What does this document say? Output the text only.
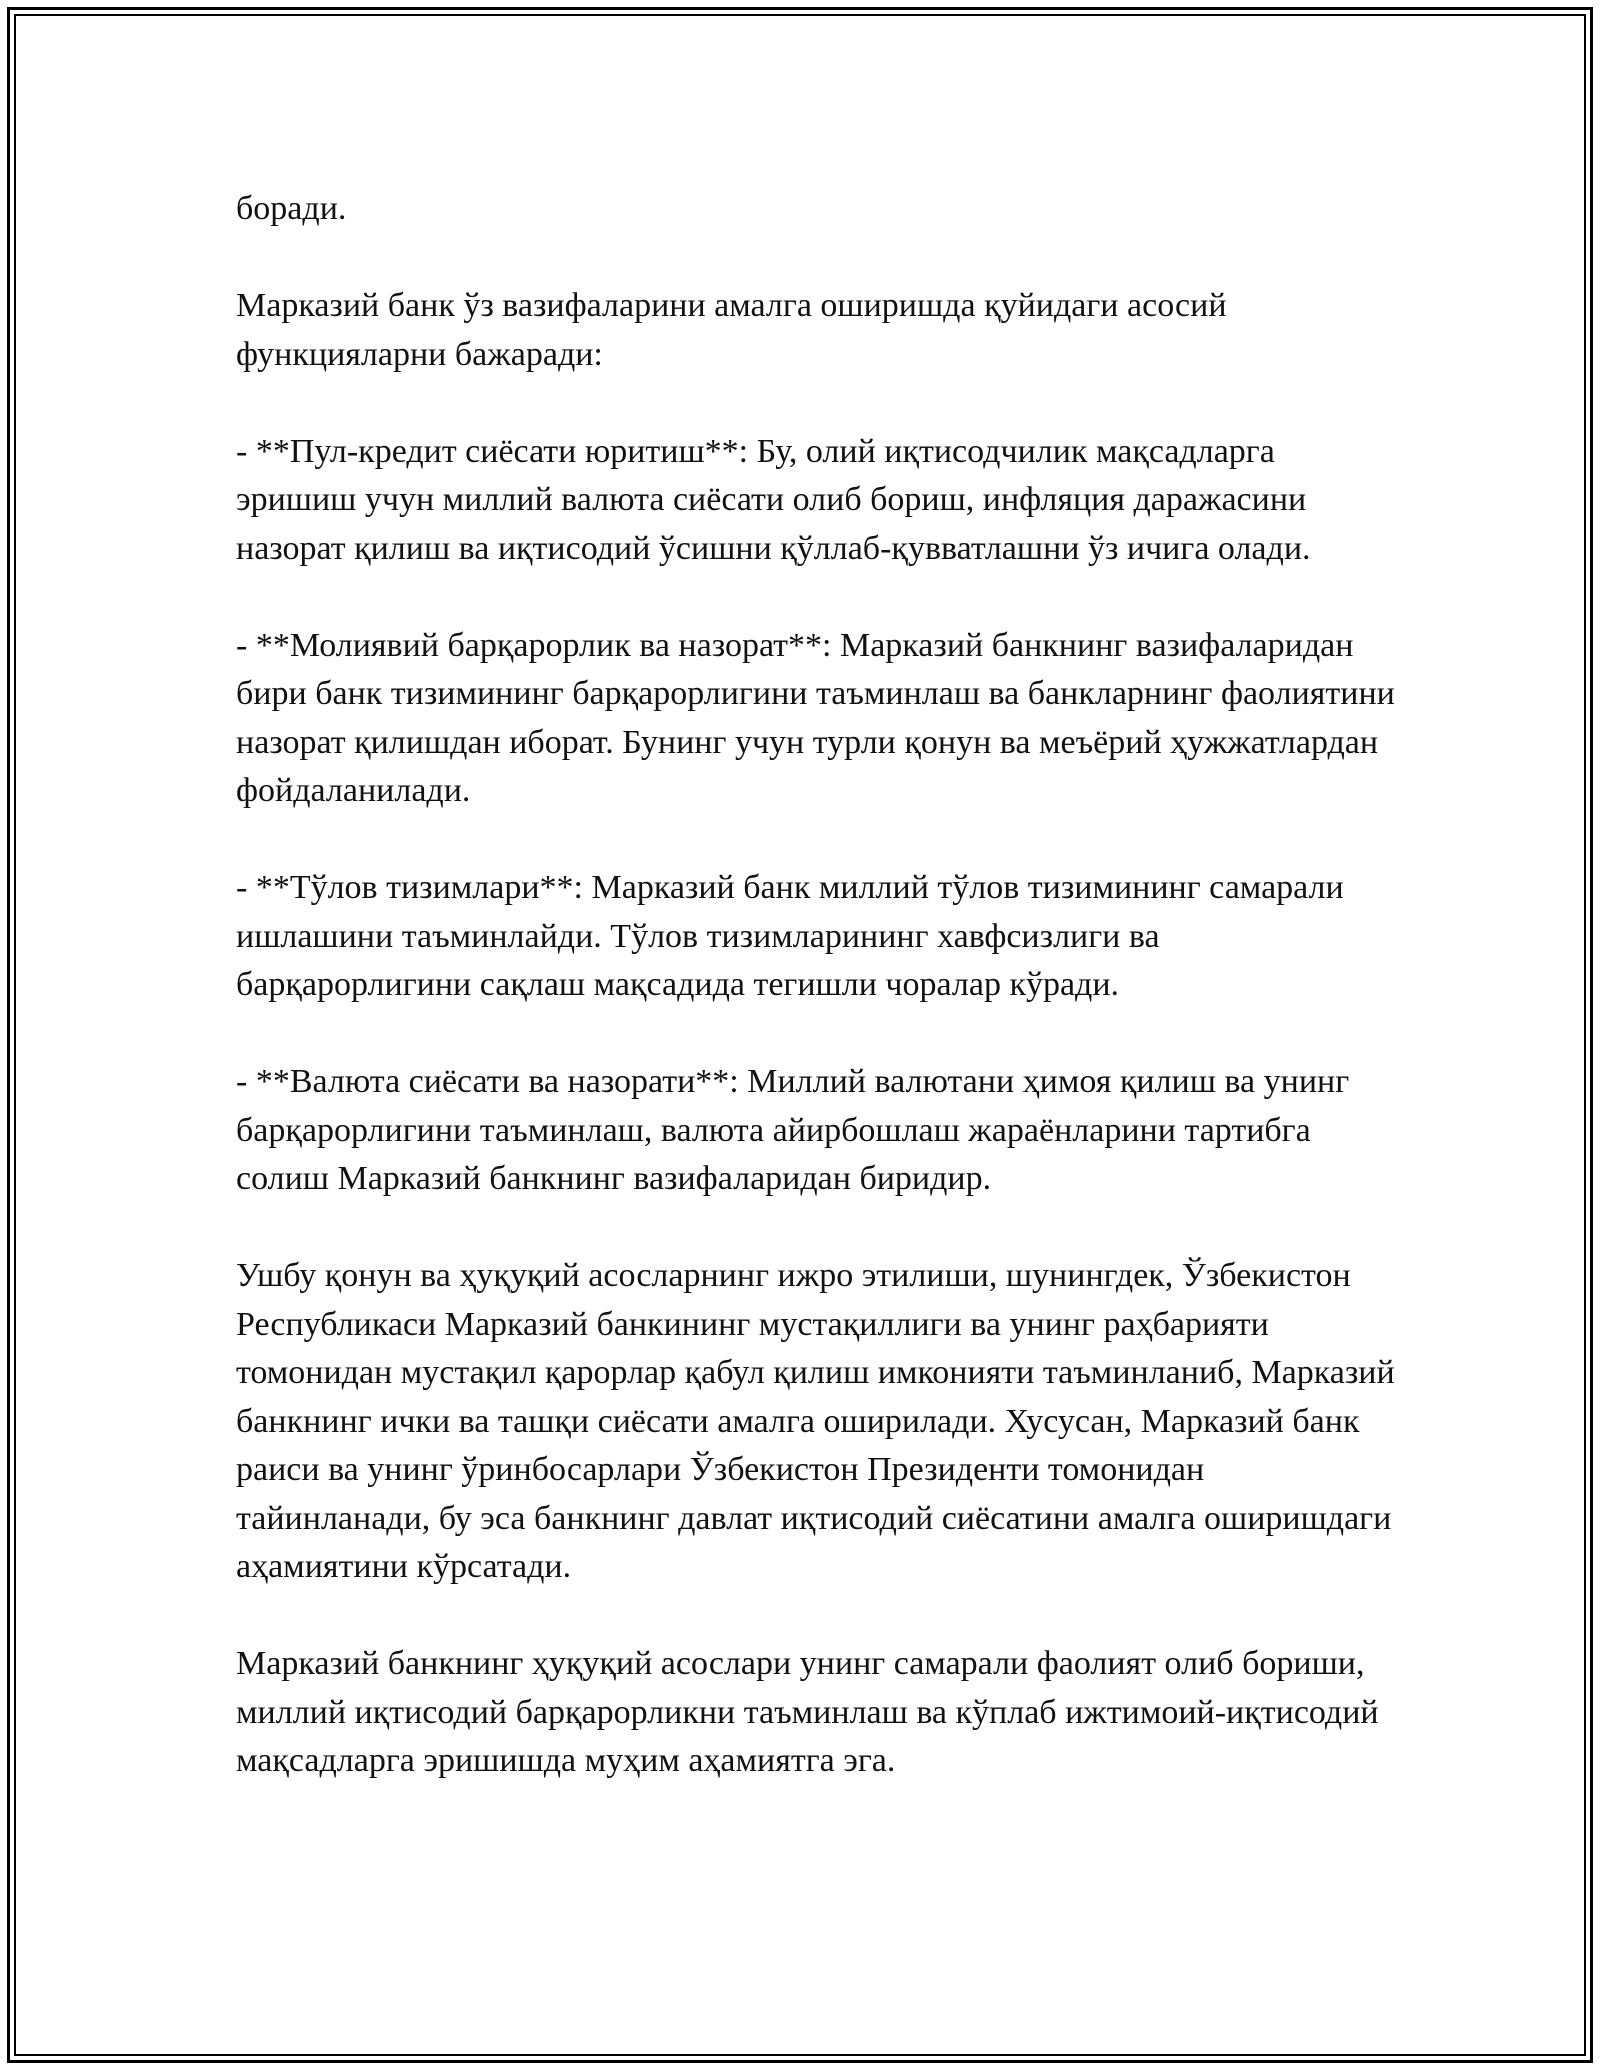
боради.

Марказий банк ўз вазифаларини амалга оширишда қуйидаги асосий функцияларни бажаради:

- **Пул-кредит сиёсати юритиш**: Бу, олий иқтисодчилик мақсадларга эришиш учун миллий валюта сиёсати олиб бориш, инфляция даражасини назорат қилиш ва иқтисодий ўсишни қўллаб-қувватлашни ўз ичига олади.

- **Молиявий барқарорлик ва назорат**: Марказий банкнинг вазифаларидан бири банк тизимининг барқарорлигини таъминлаш ва банкларнинг фаолиятини назорат қилишдан иборат. Бунинг учун турли қонун ва меъёрий ҳужжатлардан фойдаланилади.

- **Тўлов тизимлари**: Марказий банк миллий тўлов тизимининг самарали ишлашини таъминлайди. Тўлов тизимларининг хавфсизлиги ва барқарорлигини сақлаш мақсадида тегишли чоралар кўради.

- **Валюта сиёсати ва назорати**: Миллий валютани ҳимоя қилиш ва унинг барқарорлигини таъминлаш, валюта айирбошлаш жараёнларини тартибга солиш Марказий банкнинг вазифаларидан биридир.

Ушбу қонун ва ҳуқуқий асосларнинг ижро этилиши, шунингдек, Ўзбекистон Республикаси Марказий банкининг мустақиллиги ва унинг раҳбарияти томонидан мустақил қарорлар қабул қилиш имконияти таъминланиб, Марказий банкнинг ички ва ташқи сиёсати амалга оширилади. Хусусан, Марказий банк раиси ва унинг ўринбосарлари Ўзбекистон Президенти томонидан тайинланади, бу эса банкнинг давлат иқтисодий сиёсатини амалга оширишдаги аҳамиятини кўрсатади.

Марказий банкнинг ҳуқуқий асослари унинг самарали фаолият олиб бориши, миллий иқтисодий барқарорликни таъминлаш ва кўплаб ижтимоий-иқтисодий мақсадларга эришишда муҳим аҳамиятга эга.
